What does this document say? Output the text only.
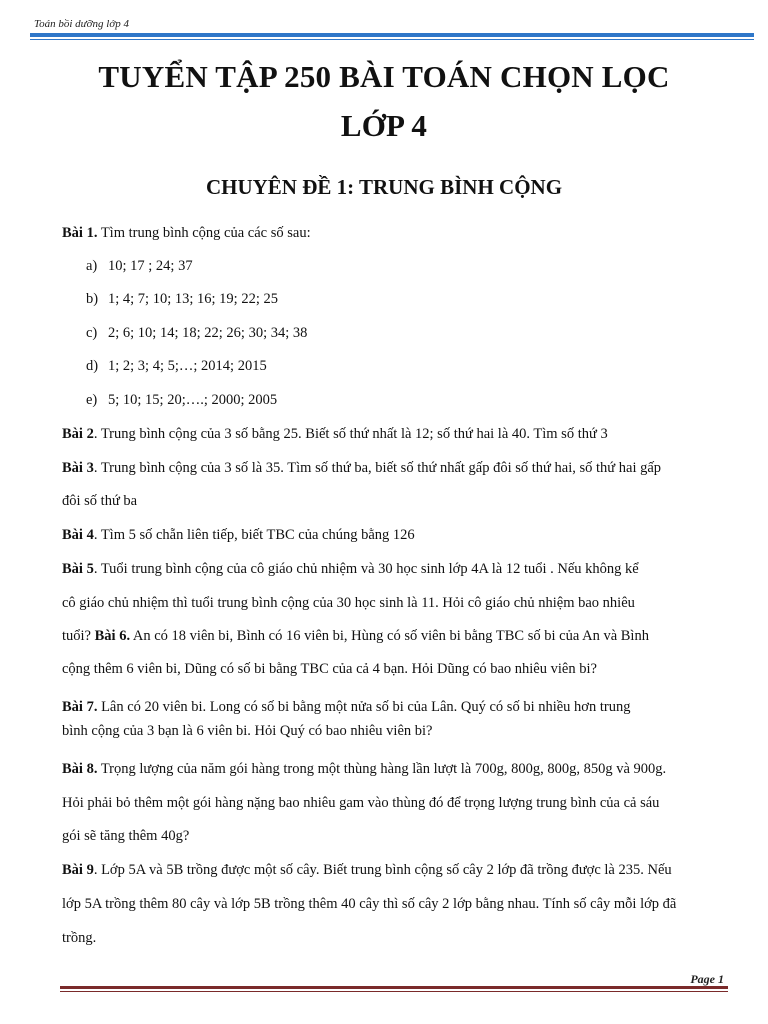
Toán bồi dưỡng lớp 4
TUYỂN TẬP 250 BÀI TOÁN CHỌN LỌC
LỚP 4
CHUYÊN ĐỀ 1: TRUNG BÌNH CỘNG
Bài 1. Tìm trung bình cộng của các số sau:
a) 10; 17 ; 24; 37
b) 1; 4; 7; 10; 13; 16; 19; 22; 25
c) 2; 6; 10; 14; 18; 22; 26; 30; 34; 38
d) 1; 2; 3; 4; 5;…; 2014; 2015
e) 5; 10; 15; 20;….; 2000; 2005
Bài 2. Trung bình cộng của 3 số bằng 25. Biết số thứ nhất là 12; số thứ hai là 40. Tìm số thứ 3
Bài 3. Trung bình cộng của 3 số là 35. Tìm số thứ ba, biết số thứ nhất gấp đôi số thứ hai, số thứ hai gấp
đôi số thứ ba
Bài 4. Tìm 5 số chẵn liên tiếp, biết TBC của chúng bằng 126
Bài 5. Tuổi trung bình cộng của cô giáo chủ nhiệm và 30 học sinh lớp 4A là 12 tuổi . Nếu không kể
cô giáo chủ nhiệm thì tuổi trung bình cộng của 30 học sinh là 11. Hỏi cô giáo chủ nhiệm bao nhiêu
tuổi? Bài 6. An có 18 viên bi, Bình có 16 viên bi, Hùng có số viên bi bằng TBC số bi của An và Bình
cộng thêm 6 viên bi, Dũng có số bi bằng TBC của cả 4 bạn. Hỏi Dũng có bao nhiêu viên bi?
Bài 7. Lân có 20 viên bi. Long có số bi bằng một nửa số bi của Lân. Quý có số bi nhiều hơn trung
bình cộng của 3 bạn là 6 viên bi. Hỏi Quý có bao nhiêu viên bi?
Bài 8. Trọng lượng của năm gói hàng trong một thùng hàng lần lượt là 700g, 800g, 800g, 850g và 900g.
Hỏi phải bỏ thêm một gói hàng nặng bao nhiêu gam vào thùng đó để trọng lượng trung bình của cả sáu
gói sẽ tăng thêm 40g?
Bài 9. Lớp 5A và 5B trồng được một số cây. Biết trung bình cộng số cây 2 lớp đã trồng được là 235. Nếu
lớp 5A trồng thêm 80 cây và lớp 5B trồng thêm 40 cây thì số cây 2 lớp bằng nhau. Tính số cây mỗi lớp đã
trồng.
Page 1
